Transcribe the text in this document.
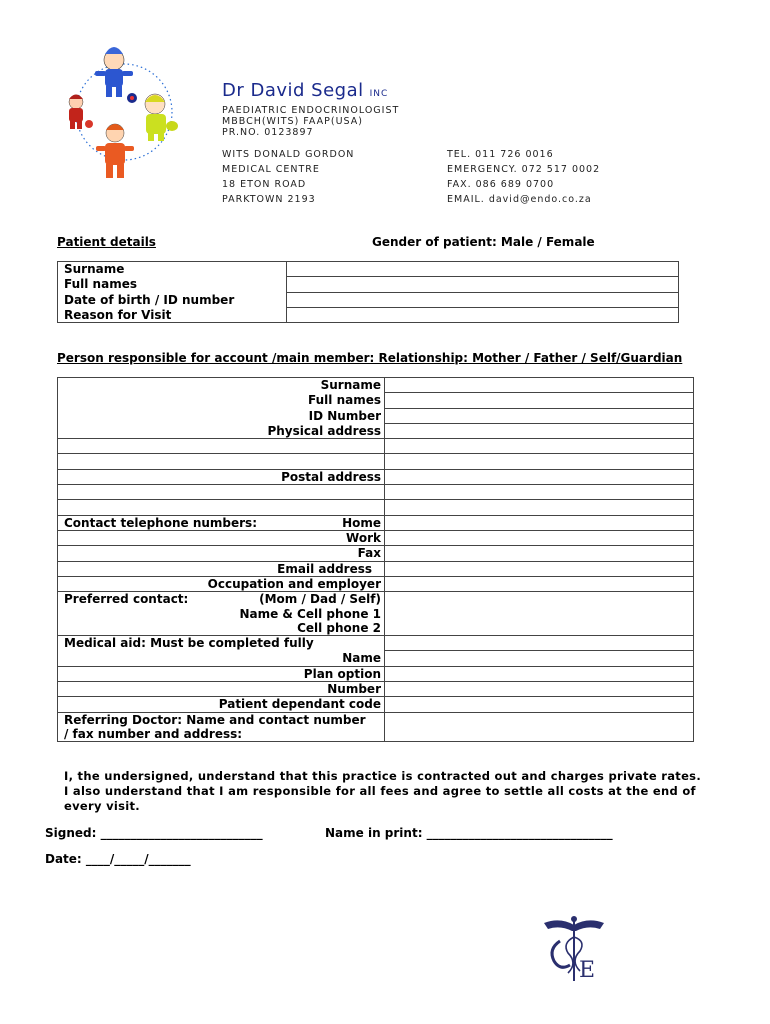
Dr David Segal INC
PAEDIATRIC ENDOCRINOLOGIST
MBBCH(WITS) FAAP(USA)
PR.NO. 0123897
WITS DONALD GORDON
MEDICAL CENTRE
18 ETON ROAD
PARKTOWN 2193
TEL. 011 726 0016
EMERGENCY. 072 517 0002
FAX. 086 689 0700
EMAIL. david@endo.co.za
Patient details	Gender of patient: Male / Female
Surname	
Full names	
Date of birth / ID number	
Reason for Visit	
Person responsible for account /main member: Relationship: Mother / Father / Self/Guardian
Surname	
Full names	
ID Number	
Physical address	

Postal address	

Contact telephone numbers: Home	

Work	
Fax	
Email address	
Occupation and employer	

Preferred contact: (Mom / Dad / Self)	

Name & Cell phone 1	
Cell phone 2	
Medical aid: Must be completed fully	
Name	
Plan option	
Number	
Patient dependant code	
Referring Doctor: Name and contact number	
/ fax number and address:	
I, the undersigned, understand that this practice is contracted out and charges private rates. I also understand that I am responsible for all fees and agree to settle all costs at the end of every visit.
Signed: ___________________________	Name in print: _______________________________
Date: ____/_____/_______
E
